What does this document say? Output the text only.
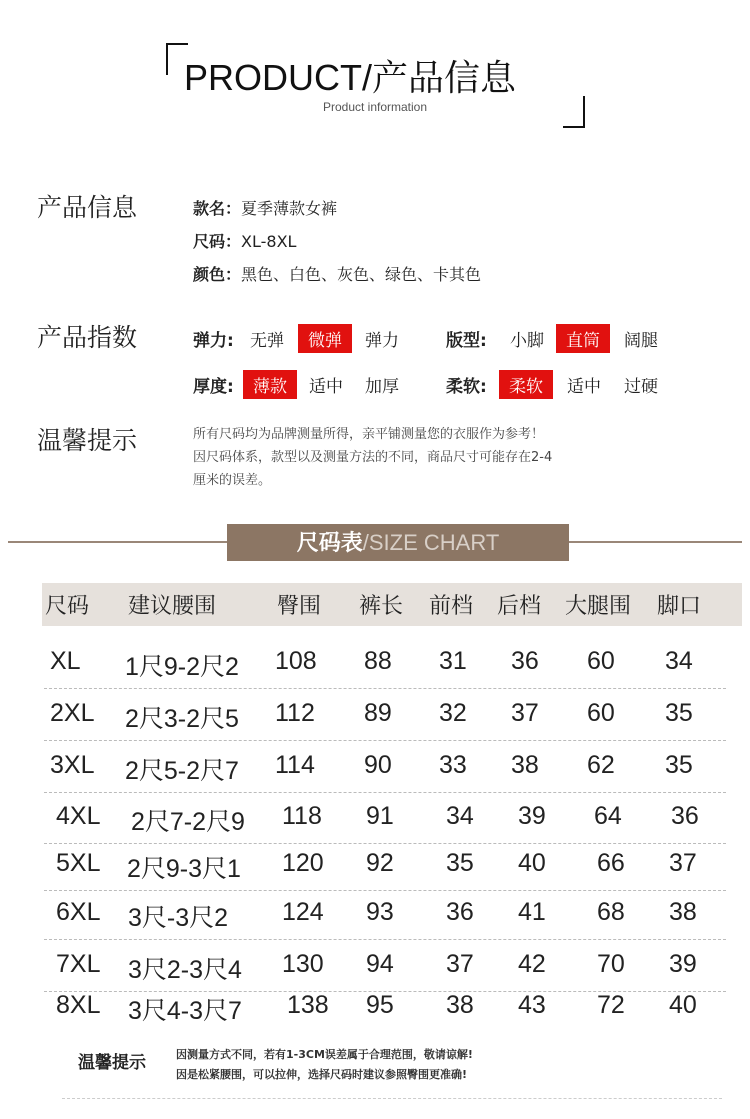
PRODUCT/产品信息
Product information
产品信息	款名：夏季薄款女裤
尺码：XL-8XL
颜色：黑色、白色、灰色、绿色、卡其色
产品指数	弹力: 无弹	微弹	弹力	版型: 小脚	直筒	阔腿
厚度:	薄款	适中 加厚	柔软:	柔软	适中 过硬
温馨提示	所有尺码均为品牌测量所得，亲平铺测量您的衣服作为参考！
因尺码体系，款型以及测量方法的不同，商品尺寸可能存在2-4
厘米的误差。
尺码表/SIZE CHART
尺码 建议腰围	臀围 裤长 前档 后档 大腿围 脚口
XL 1尺9-2尺2 108 88 31 36 60 34
2XL 2尺3-2尺5 112 89 32 37 60 35
3XL 2尺5-2尺7 114 90 33 38 62 35
4XL 2尺7-2尺9 118 91 34 39 64 36
5XL 2尺9-3尺1 120 92 35 40 66 37
6XL 3尺-3尺2 124 93 36 41 68 38
7XL 3尺2-3尺4 130 94 37 42 70 39
8XL 3尺4-3尺7 138 95 38 43 72 40
温馨提示	因测量方式不同，若有1-3CM误差属于合理范围，敬请谅解!
因是松紧腰围，可以拉伸，选择尺码时建议参照臀围更准确!
